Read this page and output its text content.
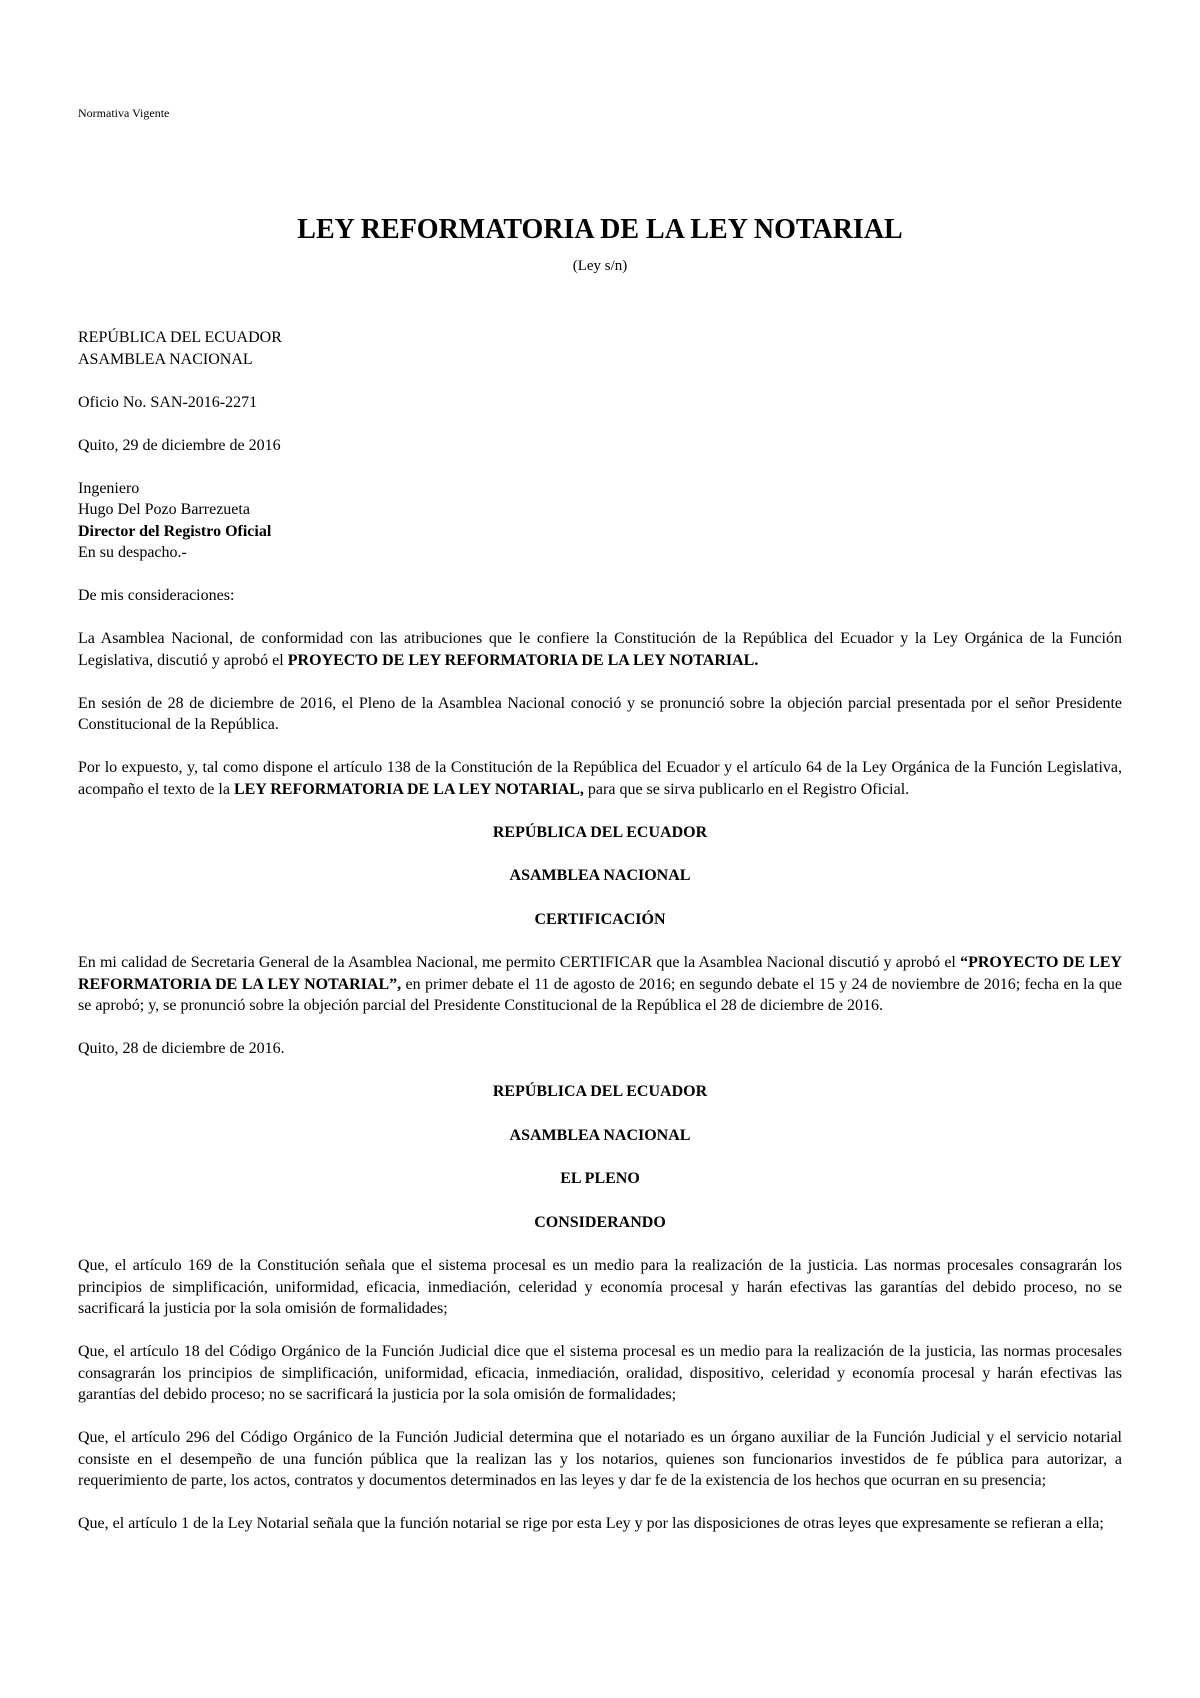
Normativa Vigente

LEY REFORMATORIA DE LA LEY NOTARIAL

(Ley s/n)

REPÚBLICA DEL ECUADOR
ASAMBLEA NACIONAL

Oficio No. SAN-2016-2271

Quito, 29 de diciembre de 2016

Ingeniero
Hugo Del Pozo Barrezueta
Director del Registro Oficial
En su despacho.-

De mis consideraciones:

La Asamblea Nacional, de conformidad con las atribuciones que le confiere la Constitución de la República del Ecuador y la Ley Orgánica de la Función Legislativa, discutió y aprobó el PROYECTO DE LEY REFORMATORIA DE LA LEY NOTARIAL.

En sesión de 28 de diciembre de 2016, el Pleno de la Asamblea Nacional conoció y se pronunció sobre la objeción parcial presentada por el señor Presidente Constitucional de la República.

Por lo expuesto, y, tal como dispone el artículo 138 de la Constitución de la República del Ecuador y el artículo 64 de la Ley Orgánica de la Función Legislativa, acompaño el texto de la LEY REFORMATORIA DE LA LEY NOTARIAL, para que se sirva publicarlo en el Registro Oficial.

REPÚBLICA DEL ECUADOR

ASAMBLEA NACIONAL

CERTIFICACIÓN

En mi calidad de Secretaria General de la Asamblea Nacional, me permito CERTIFICAR que la Asamblea Nacional discutió y aprobó el “PROYECTO DE LEY REFORMATORIA DE LA LEY NOTARIAL”, en primer debate el 11 de agosto de 2016; en segundo debate el 15 y 24 de noviembre de 2016; fecha en la que se aprobó; y, se pronunció sobre la objeción parcial del Presidente Constitucional de la República el 28 de diciembre de 2016.

Quito, 28 de diciembre de 2016.

REPÚBLICA DEL ECUADOR

ASAMBLEA NACIONAL

EL PLENO

CONSIDERANDO

Que, el artículo 169 de la Constitución señala que el sistema procesal es un medio para la realización de la justicia. Las normas procesales consagrarán los principios de simplificación, uniformidad, eficacia, inmediación, celeridad y economía procesal y harán efectivas las garantías del debido proceso, no se sacrificará la justicia por la sola omisión de formalidades;

Que, el artículo 18 del Código Orgánico de la Función Judicial dice que el sistema procesal es un medio para la realización de la justicia, las normas procesales consagrarán los principios de simplificación, uniformidad, eficacia, inmediación, oralidad, dispositivo, celeridad y economía procesal y harán efectivas las garantías del debido proceso; no se sacrificará la justicia por la sola omisión de formalidades;

Que, el artículo 296 del Código Orgánico de la Función Judicial determina que el notariado es un órgano auxiliar de la Función Judicial y el servicio notarial consiste en el desempeño de una función pública que la realizan las y los notarios, quienes son funcionarios investidos de fe pública para autorizar, a requerimiento de parte, los actos, contratos y documentos determinados en las leyes y dar fe de la existencia de los hechos que ocurran en su presencia;

Que, el artículo 1 de la Ley Notarial señala que la función notarial se rige por esta Ley y por las disposiciones de otras leyes que expresamente se refieran a ella;
